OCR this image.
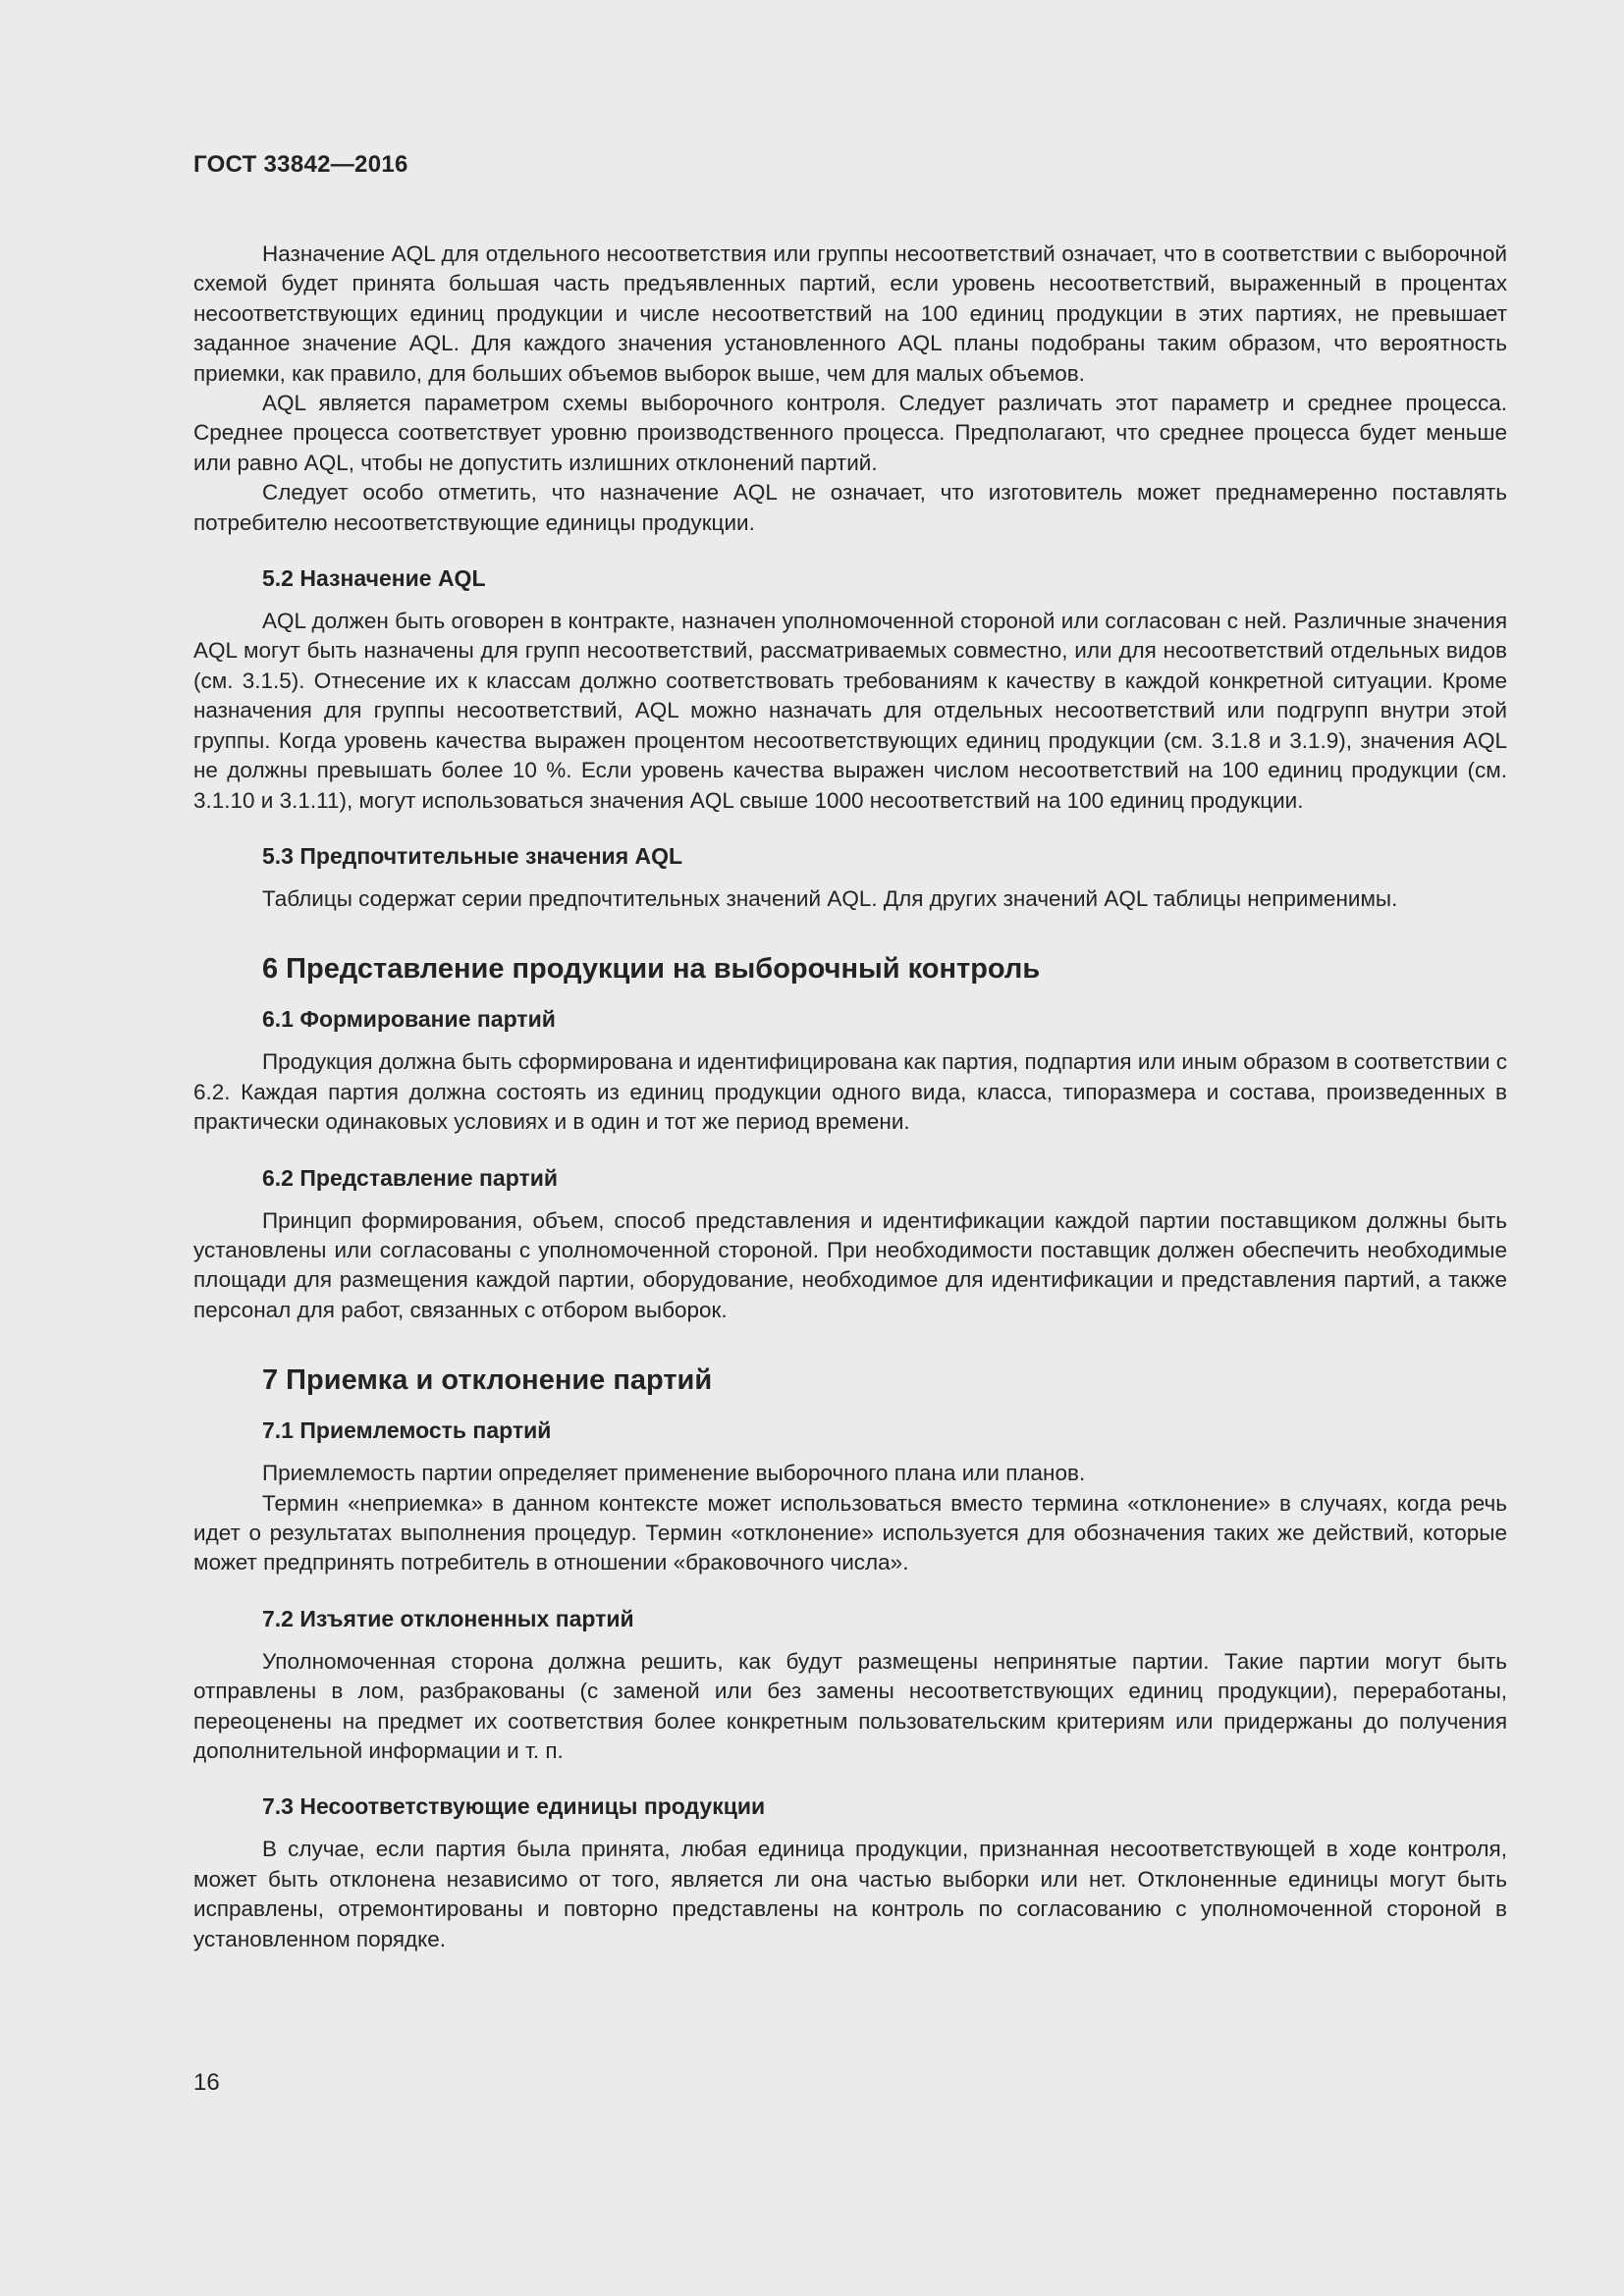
ГОСТ 33842—2016

Назначение AQL для отдельного несоответствия или группы несоответствий означает, что в соответствии с выборочной схемой будет принята большая часть предъявленных партий, если уровень несоответствий, выраженный в процентах несоответствующих единиц продукции и числе несоответствий на 100 единиц продукции в этих партиях, не превышает заданное значение AQL. Для каждого значения установленного AQL планы подобраны таким образом, что вероятность приемки, как правило, для больших объемов выборок выше, чем для малых объемов.

AQL является параметром схемы выборочного контроля. Следует различать этот параметр и среднее процесса. Среднее процесса соответствует уровню производственного процесса. Предполагают, что среднее процесса будет меньше или равно AQL, чтобы не допустить излишних отклонений партий.

Следует особо отметить, что назначение AQL не означает, что изготовитель может преднамеренно поставлять потребителю несоответствующие единицы продукции.

5.2 Назначение AQL

AQL должен быть оговорен в контракте, назначен уполномоченной стороной или согласован с ней. Различные значения AQL могут быть назначены для групп несоответствий, рассматриваемых совместно, или для несоответствий отдельных видов (см. 3.1.5). Отнесение их к классам должно соответствовать требованиям к качеству в каждой конкретной ситуации. Кроме назначения для группы несоответствий, AQL можно назначать для отдельных несоответствий или подгрупп внутри этой группы. Когда уровень качества выражен процентом несоответствующих единиц продукции (см. 3.1.8 и 3.1.9), значения AQL не должны превышать более 10 %. Если уровень качества выражен числом несоответствий на 100 единиц продукции (см. 3.1.10 и 3.1.11), могут использоваться значения AQL свыше 1000 несоответствий на 100 единиц продукции.

5.3 Предпочтительные значения AQL

Таблицы содержат серии предпочтительных значений AQL. Для других значений AQL таблицы неприменимы.

6 Представление продукции на выборочный контроль
6.1 Формирование партий

Продукция должна быть сформирована и идентифицирована как партия, подпартия или иным образом в соответствии с 6.2. Каждая партия должна состоять из единиц продукции одного вида, класса, типоразмера и состава, произведенных в практически одинаковых условиях и в один и тот же период времени.

6.2 Представление партий

Принцип формирования, объем, способ представления и идентификации каждой партии поставщиком должны быть установлены или согласованы с уполномоченной стороной. При необходимости поставщик должен обеспечить необходимые площади для размещения каждой партии, оборудование, необходимое для идентификации и представления партий, а также персонал для работ, связанных с отбором выборок.

7 Приемка и отклонение партий
7.1 Приемлемость партий

Приемлемость партии определяет применение выборочного плана или планов.

Термин «неприемка» в данном контексте может использоваться вместо термина «отклонение» в случаях, когда речь идет о результатах выполнения процедур. Термин «отклонение» используется для обозначения таких же действий, которые может предпринять потребитель в отношении «браковочного числа».

7.2 Изъятие отклоненных партий

Уполномоченная сторона должна решить, как будут размещены непринятые партии. Такие партии могут быть отправлены в лом, разбракованы (с заменой или без замены несоответствующих единиц продукции), переработаны, переоценены на предмет их соответствия более конкретным пользовательским критериям или придержаны до получения дополнительной информации и т. п.

7.3 Несоответствующие единицы продукции

В случае, если партия была принята, любая единица продукции, признанная несоответствующей в ходе контроля, может быть отклонена независимо от того, является ли она частью выборки или нет. Отклоненные единицы могут быть исправлены, отремонтированы и повторно представлены на контроль по согласованию с уполномоченной стороной в установленном порядке.

16
